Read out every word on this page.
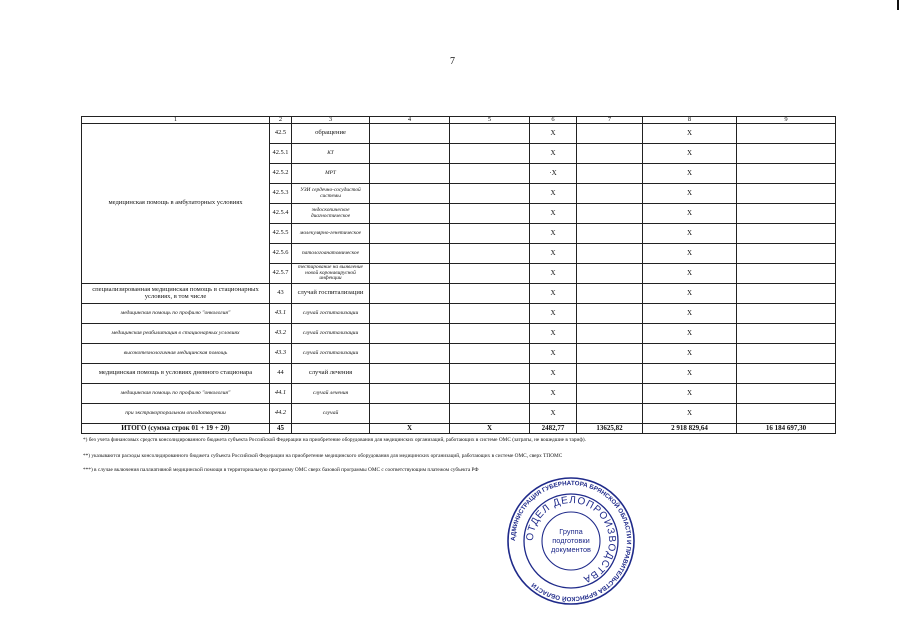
7
1	2	3	4	5	6	7	8	9	
медицинская помощь в амбулаторных условиях	42.5	обращение			X		X		
	42.5.1	КТ			X		X		
	42.5.2	МРТ			·X		X		
	42.5.3	УЗИ сердечно-сосудистой системы			X		X		
	42.5.4	эндоскопическое диагностическое			X		X		
	42.5.5	молекулярно-генетическое			X		X		
	42.5.6	патологоанатомическое			X		X		
	42.5.7	тестирование на выявление новой коронавирусной инфекции			X		X		
специализированная медицинская помощь в стационарных условиях, в том числе	43	случай госпитализации			X		X		
медицинская помощь по профилю "онкология"	43.1	случай госпитализации			X		X		
медицинская реабилитация в стационарных условиях	43.2	случай госпитализации			X		X		
высокотехнологичная медицинская помощь	43.3	случай госпитализации			X		X		
медицинская помощь в условиях дневного стационара	44	случай лечения			X		X		
медицинская помощь по профилю "онкология"	44.1	случай лечения			X		X		
при экстракорпоральном оплодотворении	44.2	случай			X		X		
ИТОГО (сумма строк 01 + 19 + 20)	45		X	X	2482,77	13625,82	2 918 829,64	16 184 697,30	
*) без учета финансовых средств консолидированного бюджета субъекта Российской Федерации на приобретение оборудования для медицинских организаций, работающих в системе ОМС (затраты, не вошедшие в тариф).
**) указываются расходы консолидированного бюджета субъекта Российской Федерации на приобретение медицинского оборудования для медицинских организаций, работающих в системе ОМС, сверх ТПОМС
***) в случае включения паллиативной медицинской помощи в территориальную программу ОМС сверх базовой программы ОМС с соответствующим платежом субъекта РФ
АДМИНИСТРАЦИЯ ГУБЕРНАТОРА БРЯНСКОЙ ОБЛАСТИ И ПРАВИТЕЛЬСТВА БРЯНСКОЙ ОБЛАСТИ
ОТДЕЛ ДЕЛОПРОИЗВОДСТВА
Группа
подготовки
документов
